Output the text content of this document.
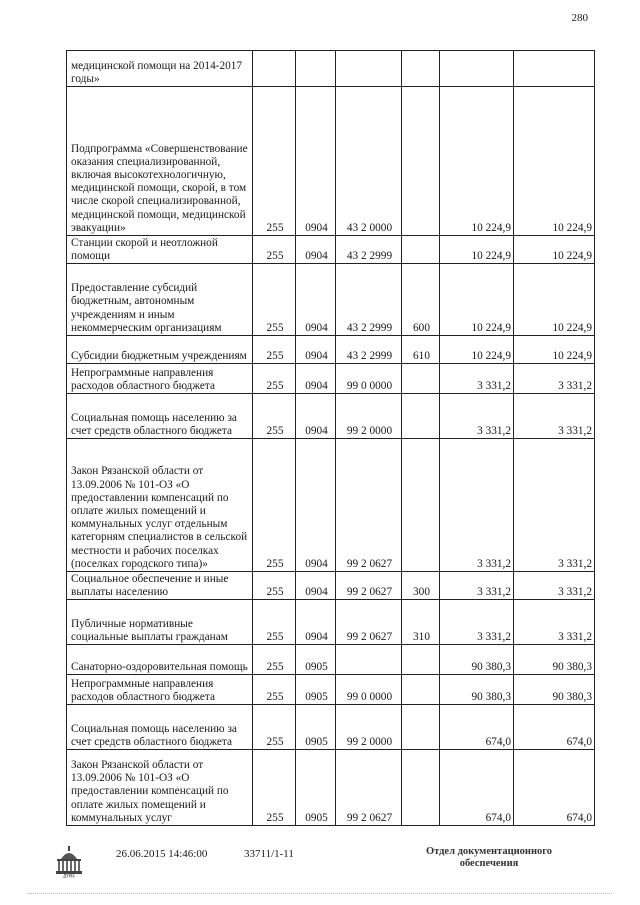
280
медицинской помощи на 2014-2017 годы»						
Подпрограмма «Совершенствование оказания специализированной, включая высокотехнологичную, медицинской помощи, скорой, в том числе скорой специализированной, медицинской помощи, медицинской эвакуации»	255	0904	43 2 0000		10 224,9	10 224,9
Станции скорой и неотложной помощи	255	0904	43 2 2999		10 224,9	10 224,9
Предоставление субсидий бюджетным, автономным учреждениям и иным некоммерческим организациям	255	0904	43 2 2999	600	10 224,9	10 224,9
Субсидии бюджетным учреждениям	255	0904	43 2 2999	610	10 224,9	10 224,9
Непрограммные направления расходов областного бюджета	255	0904	99 0 0000		3 331,2	3 331,2
Социальная помощь населению за счет средств областного бюджета	255	0904	99 2 0000		3 331,2	3 331,2
Закон Рязанской области от 13.09.2006 № 101-ОЗ «О предоставлении компенсаций по оплате жилых помещений и коммунальных услуг отдельным категорням специалистов в сельской местности и рабочих поселках (поселках городского типа)»	255	0904	99 2 0627		3 331,2	3 331,2
Социальное обеспечение и иные выплаты населению	255	0904	99 2 0627	300	3 331,2	3 331,2
Публичные нормативные социальные выплаты гражданам	255	0904	99 2 0627	310	3 331,2	3 331,2
Санаторно-оздоровительная помощь	255	0905			90 380,3	90 380,3
Непрограммные направления расходов областного бюджета	255	0905	99 0 0000		90 380,3	90 380,3
Социальная помощь населению за счет средств областного бюджета	255	0905	99 2 0000		674,0	674,0
Закон Рязанской области от 13.09.2006 № 101-ОЗ «О предоставлении компенсаций по оплате жилых помещений и коммунальных услуг	255	0905	99 2 0627		674,0	674,0
ДУМА
26.06.2015 14:46:00	33711/1-11	Отдел документационного
обеспечения
